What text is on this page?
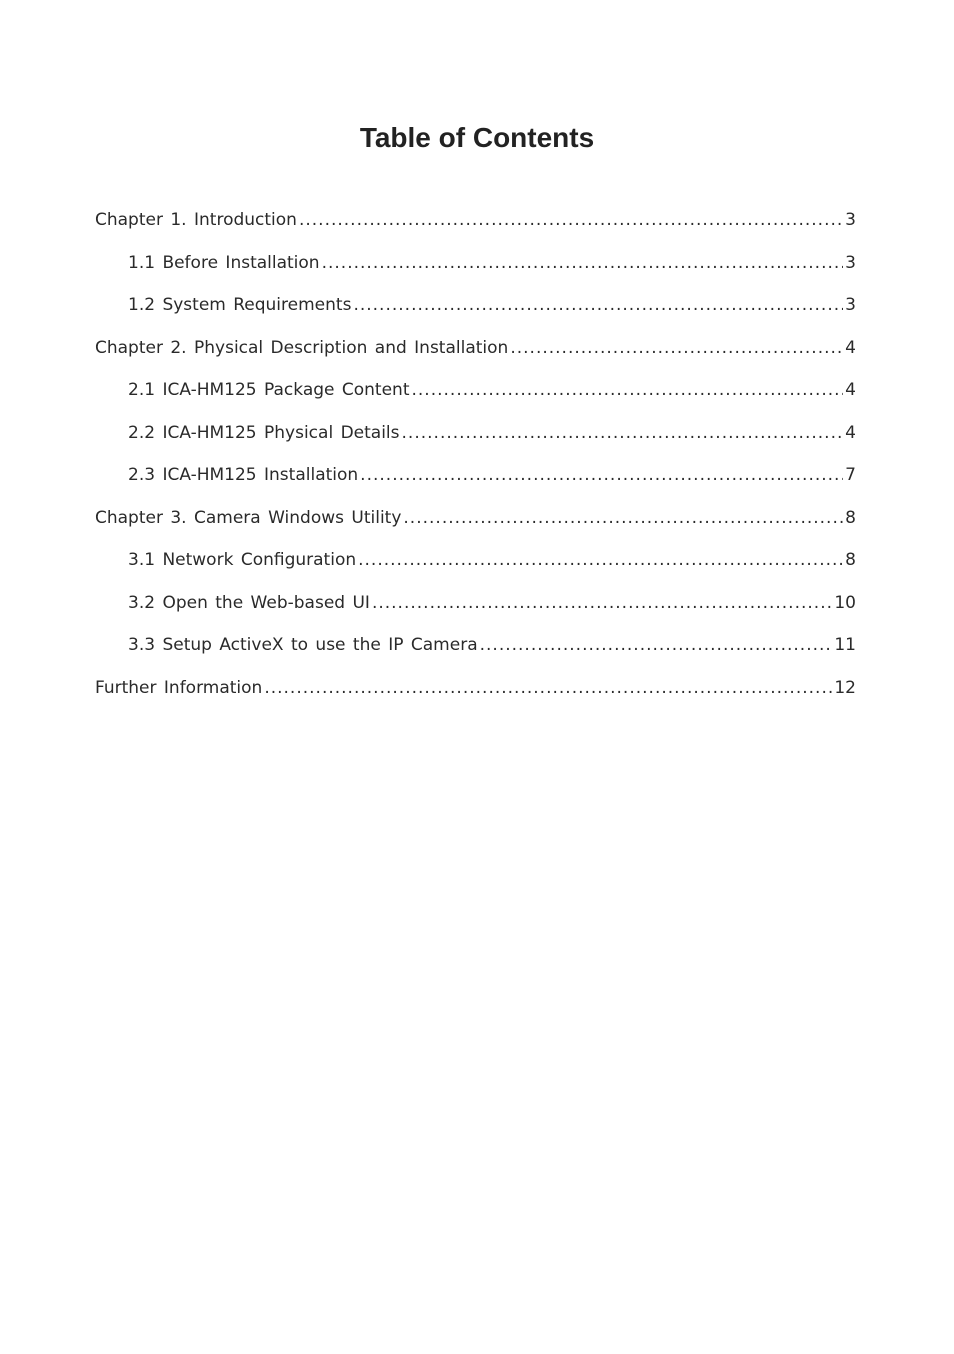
Table of Contents
Chapter 1. Introduction .....	3
1.1 Before Installation .....	3
1.2 System Requirements .....	3
Chapter 2. Physical Description and Installation .....	4
2.1 ICA-HM125 Package Content .....	4
2.2 ICA-HM125 Physical Details .....	4
2.3 ICA-HM125 Installation .....	7
Chapter 3. Camera Windows Utility .....	8
3.1 Network Configuration .....	8
3.2 Open the Web-based UI .....	10
3.3 Setup ActiveX to use the IP Camera .....	11
Further Information .....	12
